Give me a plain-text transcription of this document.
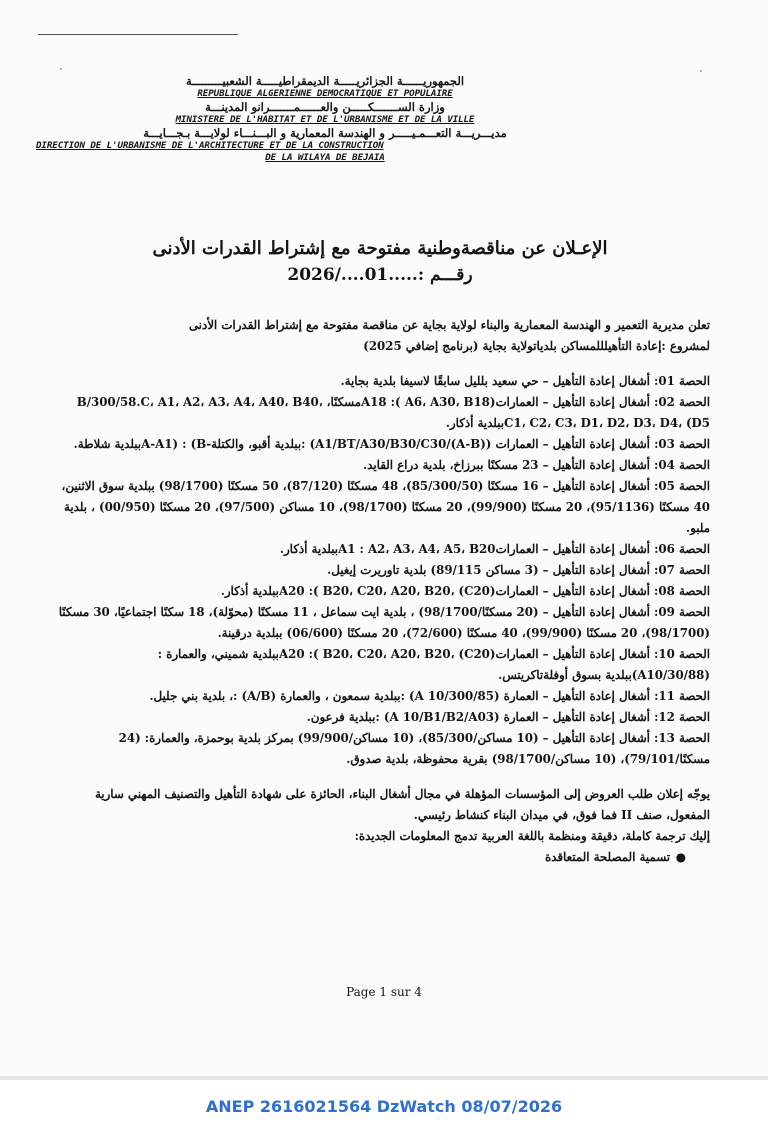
الجمهوريــــــة الجزائريـــــة الديمقراطيـــــة الشعبيـــــــــة
REPUBLIQUE ALGERIENNE DEMOCRATIQUE ET POPULAIRE
وزارة الســـــــكـــــن والعــــــمـــــــرانو المدينـــة
MINISTERE DE L'HABITAT ET DE L'URBANISME ET DE LA VILLE
مديـــريـــة التعـــمـيـــــر و الهندسة المعمارية و البـــنـــاء لولايـــة بـجـــايـــة
DIRECTION DE L'URBANISME DE L'ARCHITECTURE ET DE LA CONSTRUCTION
DE LA WILAYA DE BEJAIA
الإعـلان عن مناقصةوطنية مفتوحة مع إشتراط القدرات الأدنى
رقـــم :.....01..../2026
تعلن مديرية التعمير و الهندسة المعمارية والبناء لولاية بجاية عن مناقصة مفتوحة مع إشتراط القدرات الأدنى
لمشروع :إعادة التأهيلللمساكن بلدياتولاية بجاية (برنامج إضافي 2025)
الحصة 01: أشغال إعادة التأهيل – حي سعيد بلليل سابقًا لاسيفا بلدية بجاية.
الحصة 02: أشغال إعادة التأهيل – العمارات(A18 :( A6، A30، B18مسكنًا، B/300/58.C، A1، A2، A3، A4، A40، B40، C1، C2، C3، D1، D2، D3، D4، (D5ببلدية أذكار.
الحصة 03: أشغال إعادة التأهيل – العمارات (A1/BT/A30/B30/C30/(A-B)) :ببلدية أقبو، والكتلة-A-A1) : (Bببلدية شلاطة.
الحصة 04: أشغال إعادة التأهيل – 23 مسكنًا ببرزاخ، بلدية دراع القايد.
الحصة 05: أشغال إعادة التأهيل – 16 مسكنًا (85/300/50)، 48 مسكنًا (87/120)، 50 مسكنًا (98/1700) ببلدية سوق الاثنين، 40 مسكنًا (95/1136)، 20 مسكنًا (99/900)، 20 مسكنًا (98/1700)، 10 مساكن (97/500)، 20 مسكنًا (00/950) ، بلدية ملبو.
الحصة 06: أشغال إعادة التأهيل – العماراتA1 : A2، A3، A4، A5، B20ببلدية أذكار.
الحصة 07: أشغال إعادة التأهيل – (3 مساكن 89/115) بلدية تاوريرت إيغيل.
الحصة 08: أشغال إعادة التأهيل – العمارات(A20 :( B20، C20، A20، B20، (C20ببلدية أذكار.
الحصة 09: أشغال إعادة التأهيل – (20 مسكنًا/98/1700) ، بلدية ايت سماعل ، 11 مسكنًا (محوّلة)، 18 سكنًا اجتماعيًا، 30 مسكنًا (98/1700)، 20 مسكنًا (99/900)، 40 مسكنًا (72/600)، 20 مسكنًا (06/600) ببلدية درقينة.
الحصة 10: أشغال إعادة التأهيل – العمارات(A20 :( B20، C20، A20، B20، (C20ببلدية شميني، والعمارة : (A10/30/88)ببلدية بسوق أوفلةتاكريتس.
الحصة 11: أشغال إعادة التأهيل – العمارة (A 10/300/85) :ببلدية سمعون ، والعمارة (A/B) :، بلدية بني جليل.
الحصة 12: أشغال إعادة التأهيل – العمارة (A 10/B1/B2/A03) :ببلدية فرعون.
الحصة 13: أشغال إعادة التأهيل – (10 مساكن/85/300)، (10 مساكن/99/900) بمركز بلدية بوحمزة، والعمارة: (24 مسكنًا/79/101)، (10 مساكن/98/1700) بقرية محفوظة، بلدية صدوق.
يوجّه إعلان طلب العروض إلى المؤسسات المؤهلة في مجال أشغال البناء، الحائزة على شهادة التأهيل والتصنيف المهني سارية المفعول، صنف II فما فوق، في ميدان البناء كنشاط رئيسي.
إليك ترجمة كاملة، دقيقة ومنظمة باللغة العربية تدمج المعلومات الجديدة:
●
تسمية المصلحة المتعاقدة
Page 1 sur 4
ANEP 2616021564 DzWatch 08/07/2026
